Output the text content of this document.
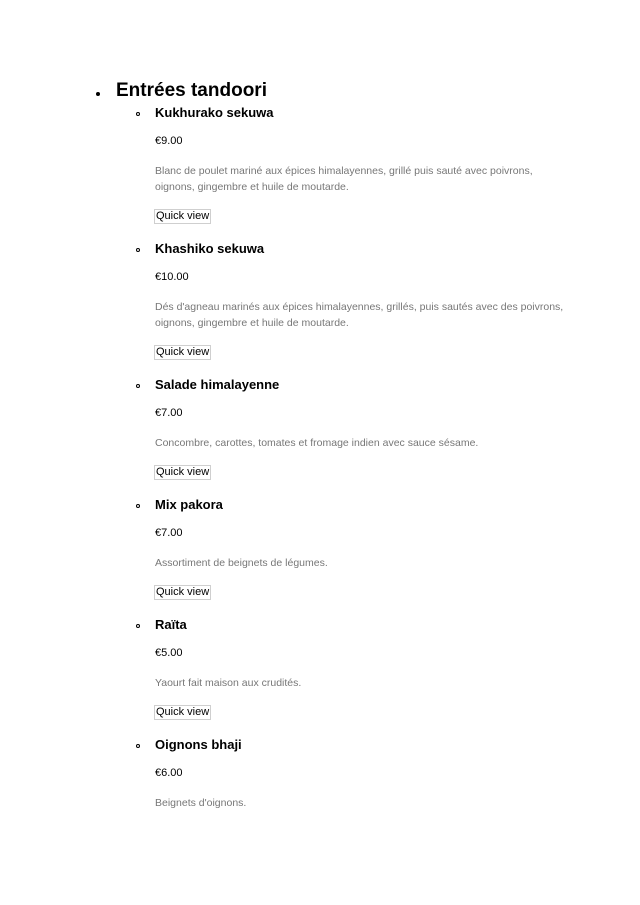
Entrées tandoori
Kukhurako sekuwa

€9.00

Blanc de poulet mariné aux épices himalayennes, grillé puis sauté avec poivrons, oignons, gingembre et huile de moutarde.

Quick view
Khashiko sekuwa

€10.00

Dés d'agneau marinés aux épices himalayennes, grillés, puis sautés avec des poivrons, oignons, gingembre et huile de moutarde.

Quick view
Salade himalayenne

€7.00

Concombre, carottes, tomates et fromage indien avec sauce sésame.

Quick view
Mix pakora

€7.00

Assortiment de beignets de légumes.

Quick view
Raïta

€5.00

Yaourt fait maison aux crudités.

Quick view
Oignons bhaji

€6.00

Beignets d'oignons.
